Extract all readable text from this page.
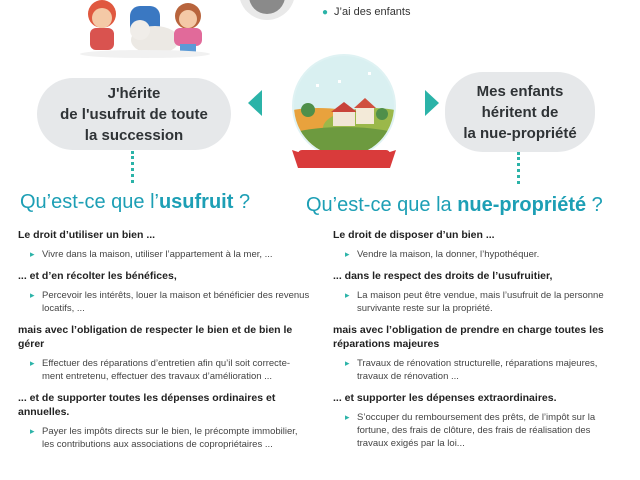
● J’ai des enfants
J'hérite
de l'usufruit de toute
la succession
Mes enfants
héritent de
la nue-propriété
Qu’est-ce que l’usufruit ?	Qu’est-ce que la nue-propriété ?

Le droit d’utiliser un bien ...

▸ Vivre dans la maison, utiliser l’appartement à la mer, ...

... et d’en récolter les bénéfices,

▸ Percevoir les intérêts, louer la maison et bénéficier des revenus locatifs, ...

mais avec l’obligation de respecter le bien et de bien le gérer

▸ Effectuer des réparations d’entretien afin qu’il soit correcte-ment entretenu, effectuer des travaux d’amélioration ...

... et de supporter toutes les dépenses ordinaires et annuelles.

▸ Payer les impôts directs sur le bien, le précompte immobilier, les contributions aux associations de copropriétaires ...

Le droit de disposer d’un bien ...

▸ Vendre la maison, la donner, l’hypothéquer.

... dans le respect des droits de l’usufruitier,

▸ La maison peut être vendue, mais l’usufruit de la personne survivante reste sur la propriété.

mais avec l’obligation de prendre en charge toutes les réparations majeures

▸ Travaux de rénovation structurelle, réparations majeures, travaux de rénovation ...

... et supporter les dépenses extraordinaires.

▸ S’occuper du remboursement des prêts, de l’impôt sur la fortune, des frais de clôture, des frais de réalisation des travaux exigés par la loi...
